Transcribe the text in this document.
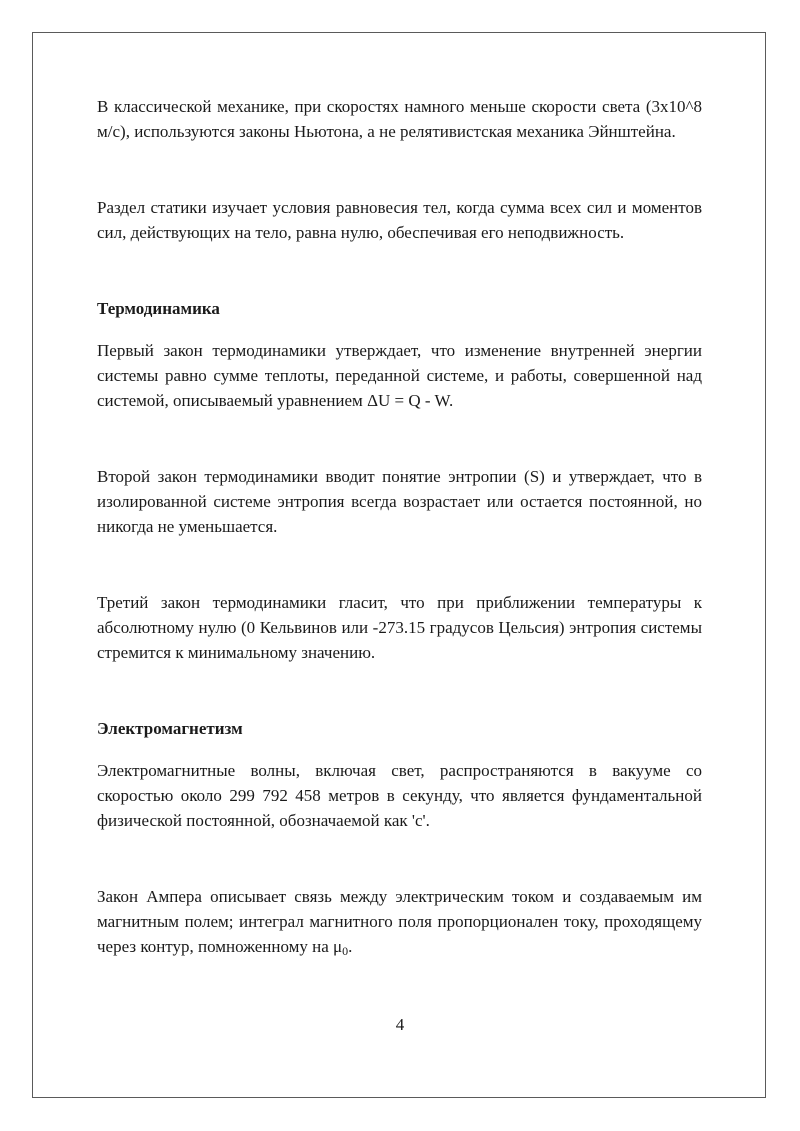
В классической механике, при скоростях намного меньше скорости света (3x10^8 м/с), используются законы Ньютона, а не релятивистская механика Эйнштейна.

Раздел статики изучает условия равновесия тел, когда сумма всех сил и моментов сил, действующих на тело, равна нулю, обеспечивая его неподвижность.

Термодинамика

Первый закон термодинамики утверждает, что изменение внутренней энергии системы равно сумме теплоты, переданной системе, и работы, совершенной над системой, описываемый уравнением ΔU = Q - W.

Второй закон термодинамики вводит понятие энтропии (S) и утверждает, что в изолированной системе энтропия всегда возрастает или остается постоянной, но никогда не уменьшается.

Третий закон термодинамики гласит, что при приближении температуры к абсолютному нулю (0 Кельвинов или -273.15 градусов Цельсия) энтропия системы стремится к минимальному значению.

Электромагнетизм

Электромагнитные волны, включая свет, распространяются в вакууме со скоростью около 299 792 458 метров в секунду, что является фундаментальной физической постоянной, обозначаемой как 'c'.

Закон Ампера описывает связь между электрическим током и создаваемым им магнитным полем; интеграл магнитного поля пропорционален току, проходящему через контур, помноженному на $\mu_0$.

4
